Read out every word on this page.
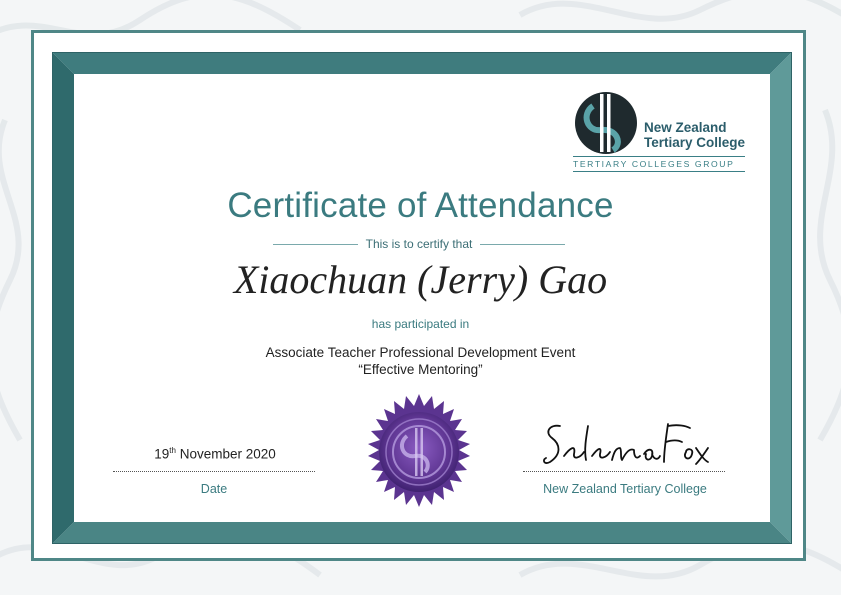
New Zealand
Tertiary College
TERTIARY COLLEGES GROUP
Certificate of Attendance
This is to certify that
Xiaochuan (Jerry) Gao
has participated in
Associate Teacher Professional Development Event
“Effective Mentoring”
19th November 2020
Date	New Zealand Tertiary College
